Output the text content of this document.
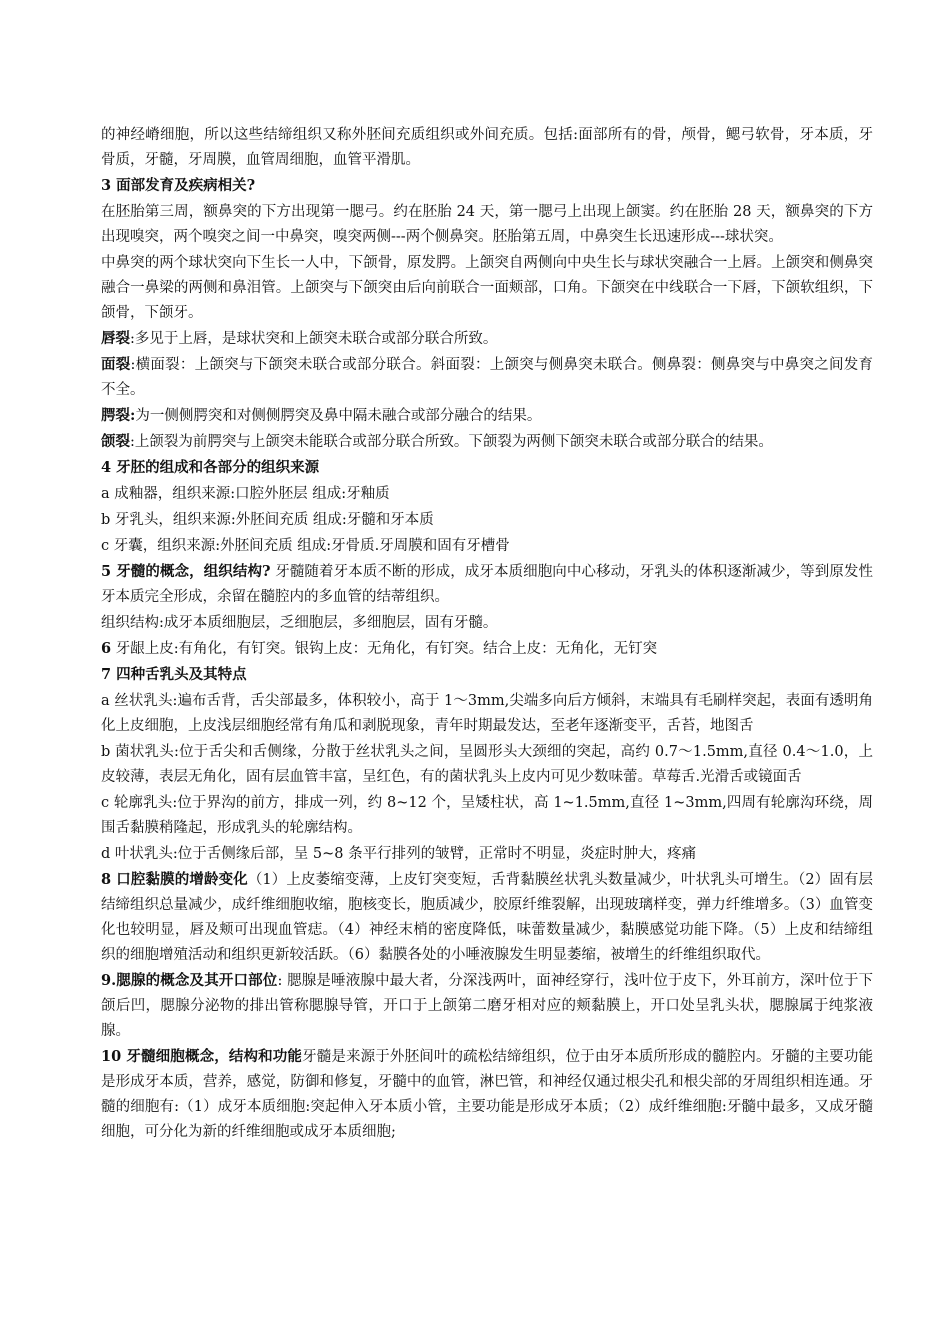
的神经嵴细胞，所以这些结缔组织又称外胚间充质组织或外间充质。包括:面部所有的骨，颅骨，鳃弓软骨，牙本质，牙骨质，牙髓，牙周膜，血管周细胞，血管平滑肌。

3 面部发育及疾病相关?

在胚胎第三周，额鼻突的下方出现第一腮弓。约在胚胎 24 天，第一腮弓上出现上颌窦。约在胚胎 28 天，额鼻突的下方出现嗅突，两个嗅突之间一中鼻突，嗅突两侧---两个侧鼻突。胚胎第五周，中鼻突生长迅速形成---球状突。

中鼻突的两个球状突向下生长一人中，下颌骨，原发腭。上颌突自两侧向中央生长与球状突融合一上唇。上颌突和侧鼻突融合一鼻梁的两侧和鼻泪管。上颌突与下颌突由后向前联合一面颊部，口角。下颌突在中线联合一下唇，下颌软组织，下颌骨，下颌牙。

唇裂:多见于上唇，是球状突和上颌突未联合或部分联合所致。

面裂:横面裂：上颌突与下颌突未联合或部分联合。斜面裂：上颌突与侧鼻突未联合。侧鼻裂：侧鼻突与中鼻突之间发育不全。

腭裂:为一侧侧腭突和对侧侧腭突及鼻中隔未融合或部分融合的结果。

颌裂:上颌裂为前腭突与上颌突未能联合或部分联合所致。下颌裂为两侧下颌突未联合或部分联合的结果。

4 牙胚的组成和各部分的组织来源

a 成釉器，组织来源:口腔外胚层 组成:牙釉质

b 牙乳头，组织来源:外胚间充质 组成:牙髓和牙本质

c 牙囊，组织来源:外胚间充质 组成:牙骨质.牙周膜和固有牙槽骨

5 牙髓的概念，组织结构? 牙髓随着牙本质不断的形成，成牙本质细胞向中心移动，牙乳头的体积逐渐减少，等到原发性牙本质完全形成，余留在髓腔内的多血管的结蒂组织。

组织结构:成牙本质细胞层，乏细胞层，多细胞层，固有牙髓。

6 牙龈上皮:有角化，有钉突。银钩上皮：无角化，有钉突。结合上皮：无角化，无钉突

7 四种舌乳头及其特点

a 丝状乳头:遍布舌背，舌尖部最多，体积较小，高于 1～3mm,尖端多向后方倾斜，末端具有毛刷样突起，表面有透明角化上皮细胞，上皮浅层细胞经常有角瓜和剥脱现象，青年时期最发达，至老年逐渐变平，舌苔，地图舌

b 菌状乳头:位于舌尖和舌侧缘，分散于丝状乳头之间，呈圆形头大颈细的突起，高约 0.7～1.5mm,直径 0.4～1.0，上皮较薄，表层无角化，固有层血管丰富，呈红色，有的菌状乳头上皮内可见少数味蕾。草莓舌.光滑舌或镜面舌

c 轮廓乳头:位于界沟的前方，排成一列，约 8~12 个，呈矮柱状，高 1~1.5mm,直径 1~3mm,四周有轮廓沟环绕，周围舌黏膜稍隆起，形成乳头的轮廓结构。

d 叶状乳头:位于舌侧缘后部，呈 5~8 条平行排列的皱臂，正常时不明显，炎症时肿大，疼痛

8 口腔黏膜的增龄变化（1）上皮萎缩变薄，上皮钉突变短，舌背黏膜丝状乳头数量减少，叶状乳头可增生。（2）固有层结缔组织总量减少，成纤维细胞收缩，胞核变长，胞质减少，胶原纤维裂解，出现玻璃样变，弹力纤维增多。（3）血管变化也较明显，唇及颊可出现血管痣。（4）神经末梢的密度降低，味蕾数量减少，黏膜感觉功能下降。（5）上皮和结缔组织的细胞增殖活动和组织更新较活跃。（6）黏膜各处的小唾液腺发生明显萎缩，被增生的纤维组织取代。

9.腮腺的概念及其开口部位: 腮腺是唾液腺中最大者，分深浅两叶，面神经穿行，浅叶位于皮下，外耳前方，深叶位于下颌后凹，腮腺分泌物的排出管称腮腺导管，开口于上颌第二磨牙相对应的颊黏膜上，开口处呈乳头状，腮腺属于纯浆液腺。

10 牙髓细胞概念，结构和功能牙髓是来源于外胚间叶的疏松结缔组织，位于由牙本质所形成的髓腔内。牙髓的主要功能是形成牙本质，营养，感觉，防御和修复，牙髓中的血管，淋巴管，和神经仅通过根尖孔和根尖部的牙周组织相连通。牙髓的细胞有:（1）成牙本质细胞:突起伸入牙本质小管，主要功能是形成牙本质；（2）成纤维细胞:牙髓中最多，又成牙髓细胞，可分化为新的纤维细胞或成牙本质细胞;
